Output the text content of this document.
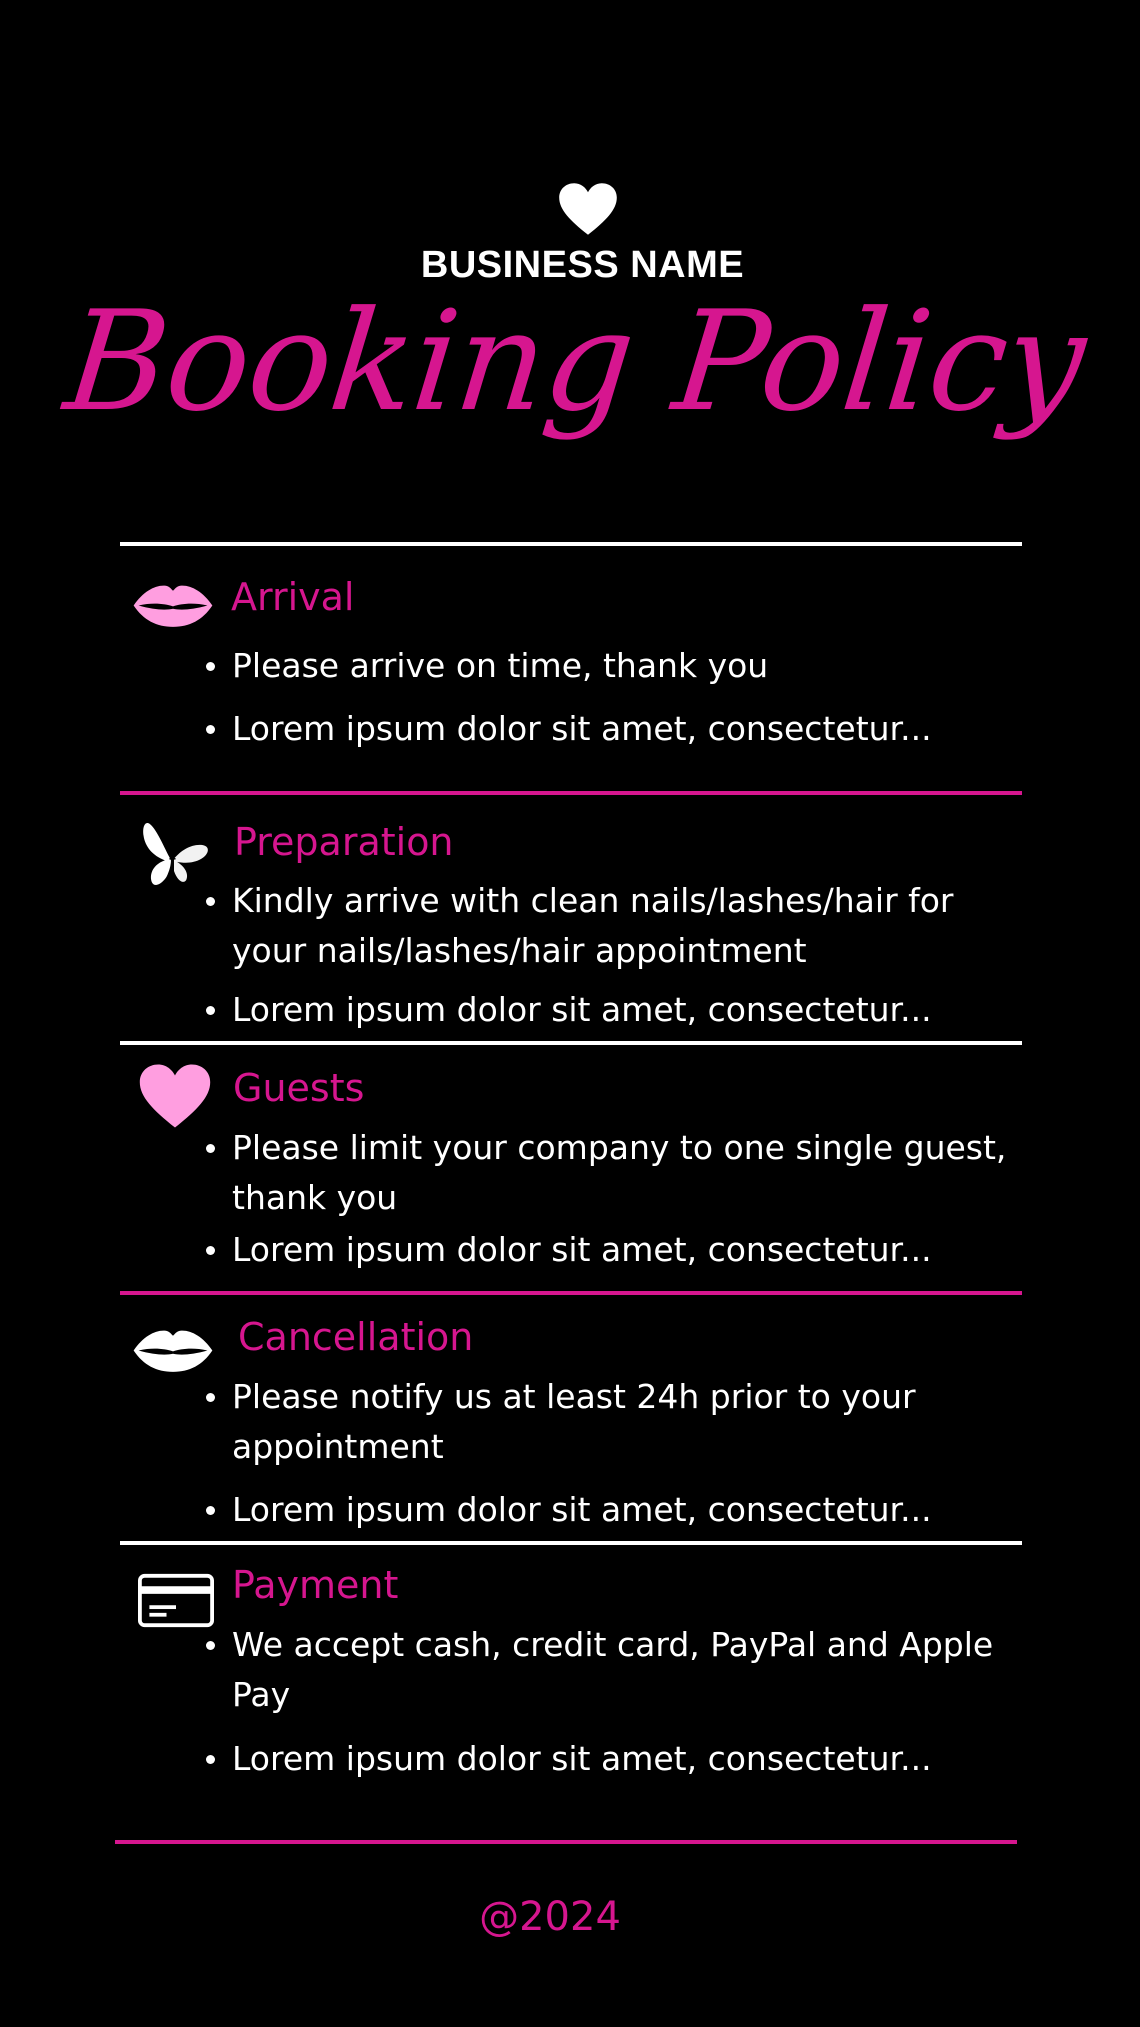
BUSINESS NAME
Booking Policy
Arrival
Please arrive on time, thank you
Lorem ipsum dolor sit amet, consectetur...
Preparation
Kindly arrive with clean nails/lashes/hair for your nails/lashes/hair appointment
Lorem ipsum dolor sit amet, consectetur...
Guests
Please limit your company to one single guest, thank you
Lorem ipsum dolor sit amet, consectetur...
Cancellation
Please notify us at least 24h prior to your appointment
Lorem ipsum dolor sit amet, consectetur...
Payment
We accept cash, credit card, PayPal and Apple Pay
Lorem ipsum dolor sit amet, consectetur...
@2024
